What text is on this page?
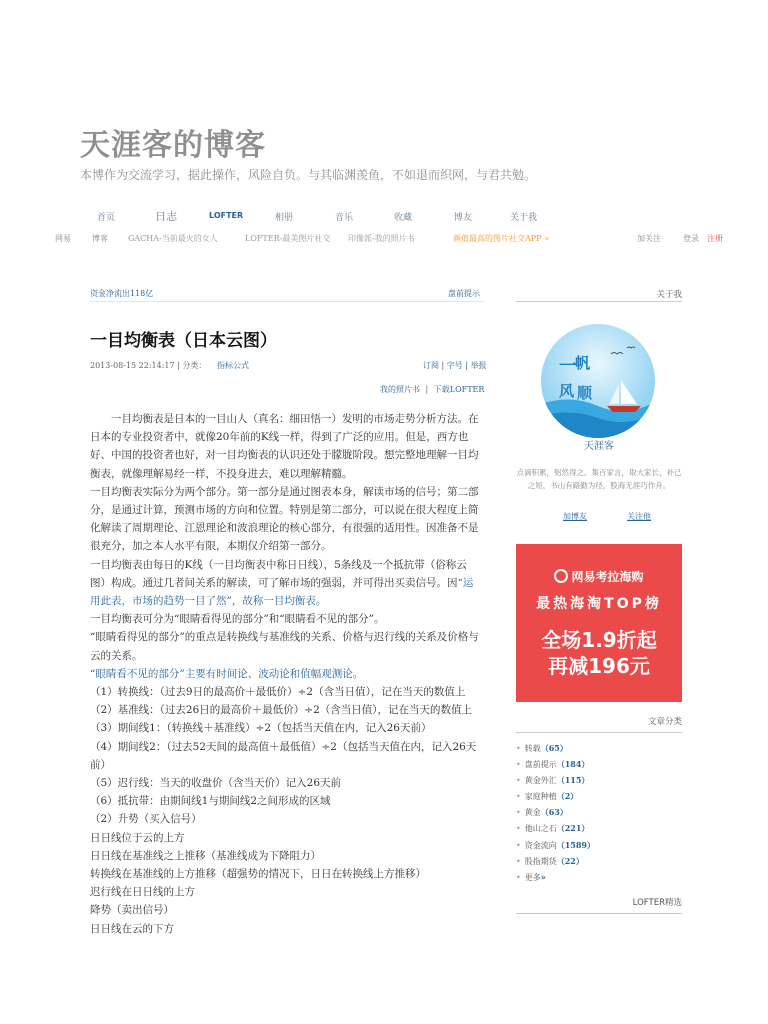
天涯客的博客
本博作为交流学习，据此操作，风险自负。与其临渊羡鱼，不如退而织网，与君共勉。
首页	日志	LOFTER	相册	音乐	收藏	博友	关于我
网易	博客	GACHA-当前最火的女人	LOFTER-最美图片社交 印像派-我的照片书	颜值最高的图片社交APP »	加关注	登录 注册
资金净流出118亿	盘前提示
一目均衡表（日本云图）
2013-08-15 22:14:17 | 分类： 指标公式	订阅 | 字号 | 举报
我的照片书 | 下载LOFTER

一目均衡表是日本的一目山人（真名：细田悟一）发明的市场走势分析方法。在日本的专业投资者中，就像20年前的K线一样，得到了广泛的应用。但是，西方也好、中国的投资者也好，对一目均衡表的认识还处于朦胧阶段。想完整地理解一目均衡表，就像理解易经一样，不投身进去，难以理解精髓。

一目均衡表实际分为两个部分。第一部分是通过图表本身，解读市场的信号；第二部分，是通过计算，预测市场的方向和位置。特别是第二部分，可以说在很大程度上简化解读了周期理论、江恩理论和波浪理论的核心部分，有很强的适用性。因准备不是很充分，加之本人水平有限，本期仅介绍第一部分。

一目均衡表由每日的K线（一目均衡表中称日日线），5条线及一个抵抗带（俗称云图）构成。通过几者间关系的解读，可了解市场的强弱，并可得出买卖信号。因“运用此表，市场的趋势一目了然”，故称一目均衡表。

一目均衡表可分为“眼睛看得见的部分”和“眼睛看不见的部分”。

“眼睛看得见的部分”的重点是转换线与基准线的关系、价格与迟行线的关系及价格与云的关系。

“眼睛看不见的部分”主要有时间论、波动论和值幅观测论。

（1）转换线：（过去9日的最高价＋最低价）÷2（含当日值），记在当天的数值上

（2）基准线：（过去26日的最高价＋最低价）÷2（含当日值），记在当天的数值上

（3）期间线1：（转换线＋基准线）÷2（包括当天值在内，记入26天前）

（4）期间线2：（过去52天间的最高值＋最低值）÷2（包括当天值在内，记入26天前）

（5）迟行线：当天的收盘价（含当天价）记入26天前

（6）抵抗带：由期间线1与期间线2之间形成的区域

（2）升势（买入信号）

日日线位于云的上方

日日线在基准线之上推移（基准线成为下降阻力）

转换线在基准线的上方推移（超强势的情况下，日日在转换线上方推移）

迟行线在日日线的上方

降势（卖出信号）

日日线在云的下方

关于我
一
帆
风 顺
天涯客
点滴积累，躬然得之。集百家言，取大家长，补己之短，书山有路勤为径，股海无涯巧作舟。
加博友	关注他
网易考拉海购
最热海淘TOP榜
全场1.9折起
再减196元
文章分类
• 转载（65）
• 盘前提示（184）
• 黄金外汇（115）
• 家庭种植（2）
• 黄金（63）
• 他山之石（221）
• 资金流向（1589）
• 股指期货（22）
• 更多»
LOFTER精选
